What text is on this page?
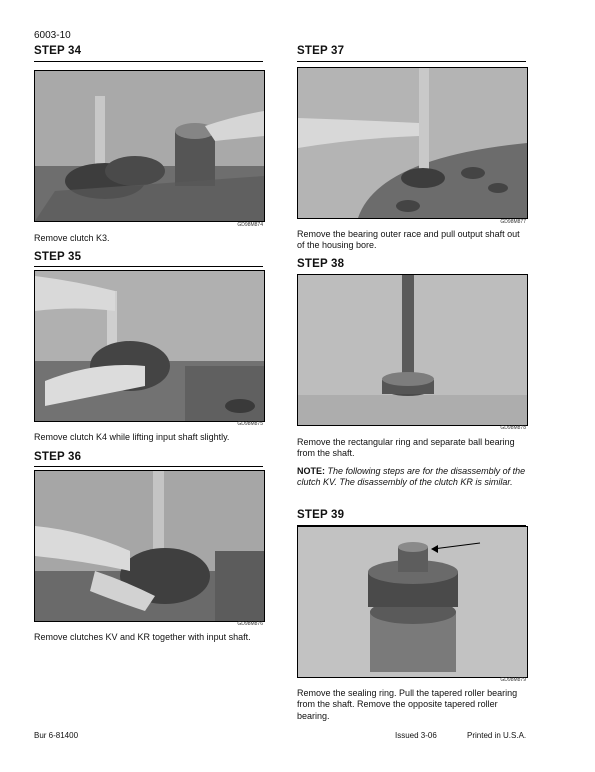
6003-10
STEP 34
GD98M874
Remove clutch K3.
STEP 35
GD98M875
Remove clutch K4 while lifting input shaft slightly.
STEP 36
GD98M876
Remove clutches KV and KR together with input shaft.
STEP 37
GD98M877
Remove the bearing outer race and pull output shaft out of the housing bore.
STEP 38
GD98M878
Remove the rectangular ring and separate ball bearing from the shaft.
NOTE: The following steps are for the disassembly of the clutch KV. The disassembly of the clutch KR is similar.
STEP 39
GD98M879
Remove the sealing ring. Pull the tapered roller bearing from the shaft. Remove the opposite tapered roller bearing.
Bur 6-81400	Issued 3-06	Printed in U.S.A.
